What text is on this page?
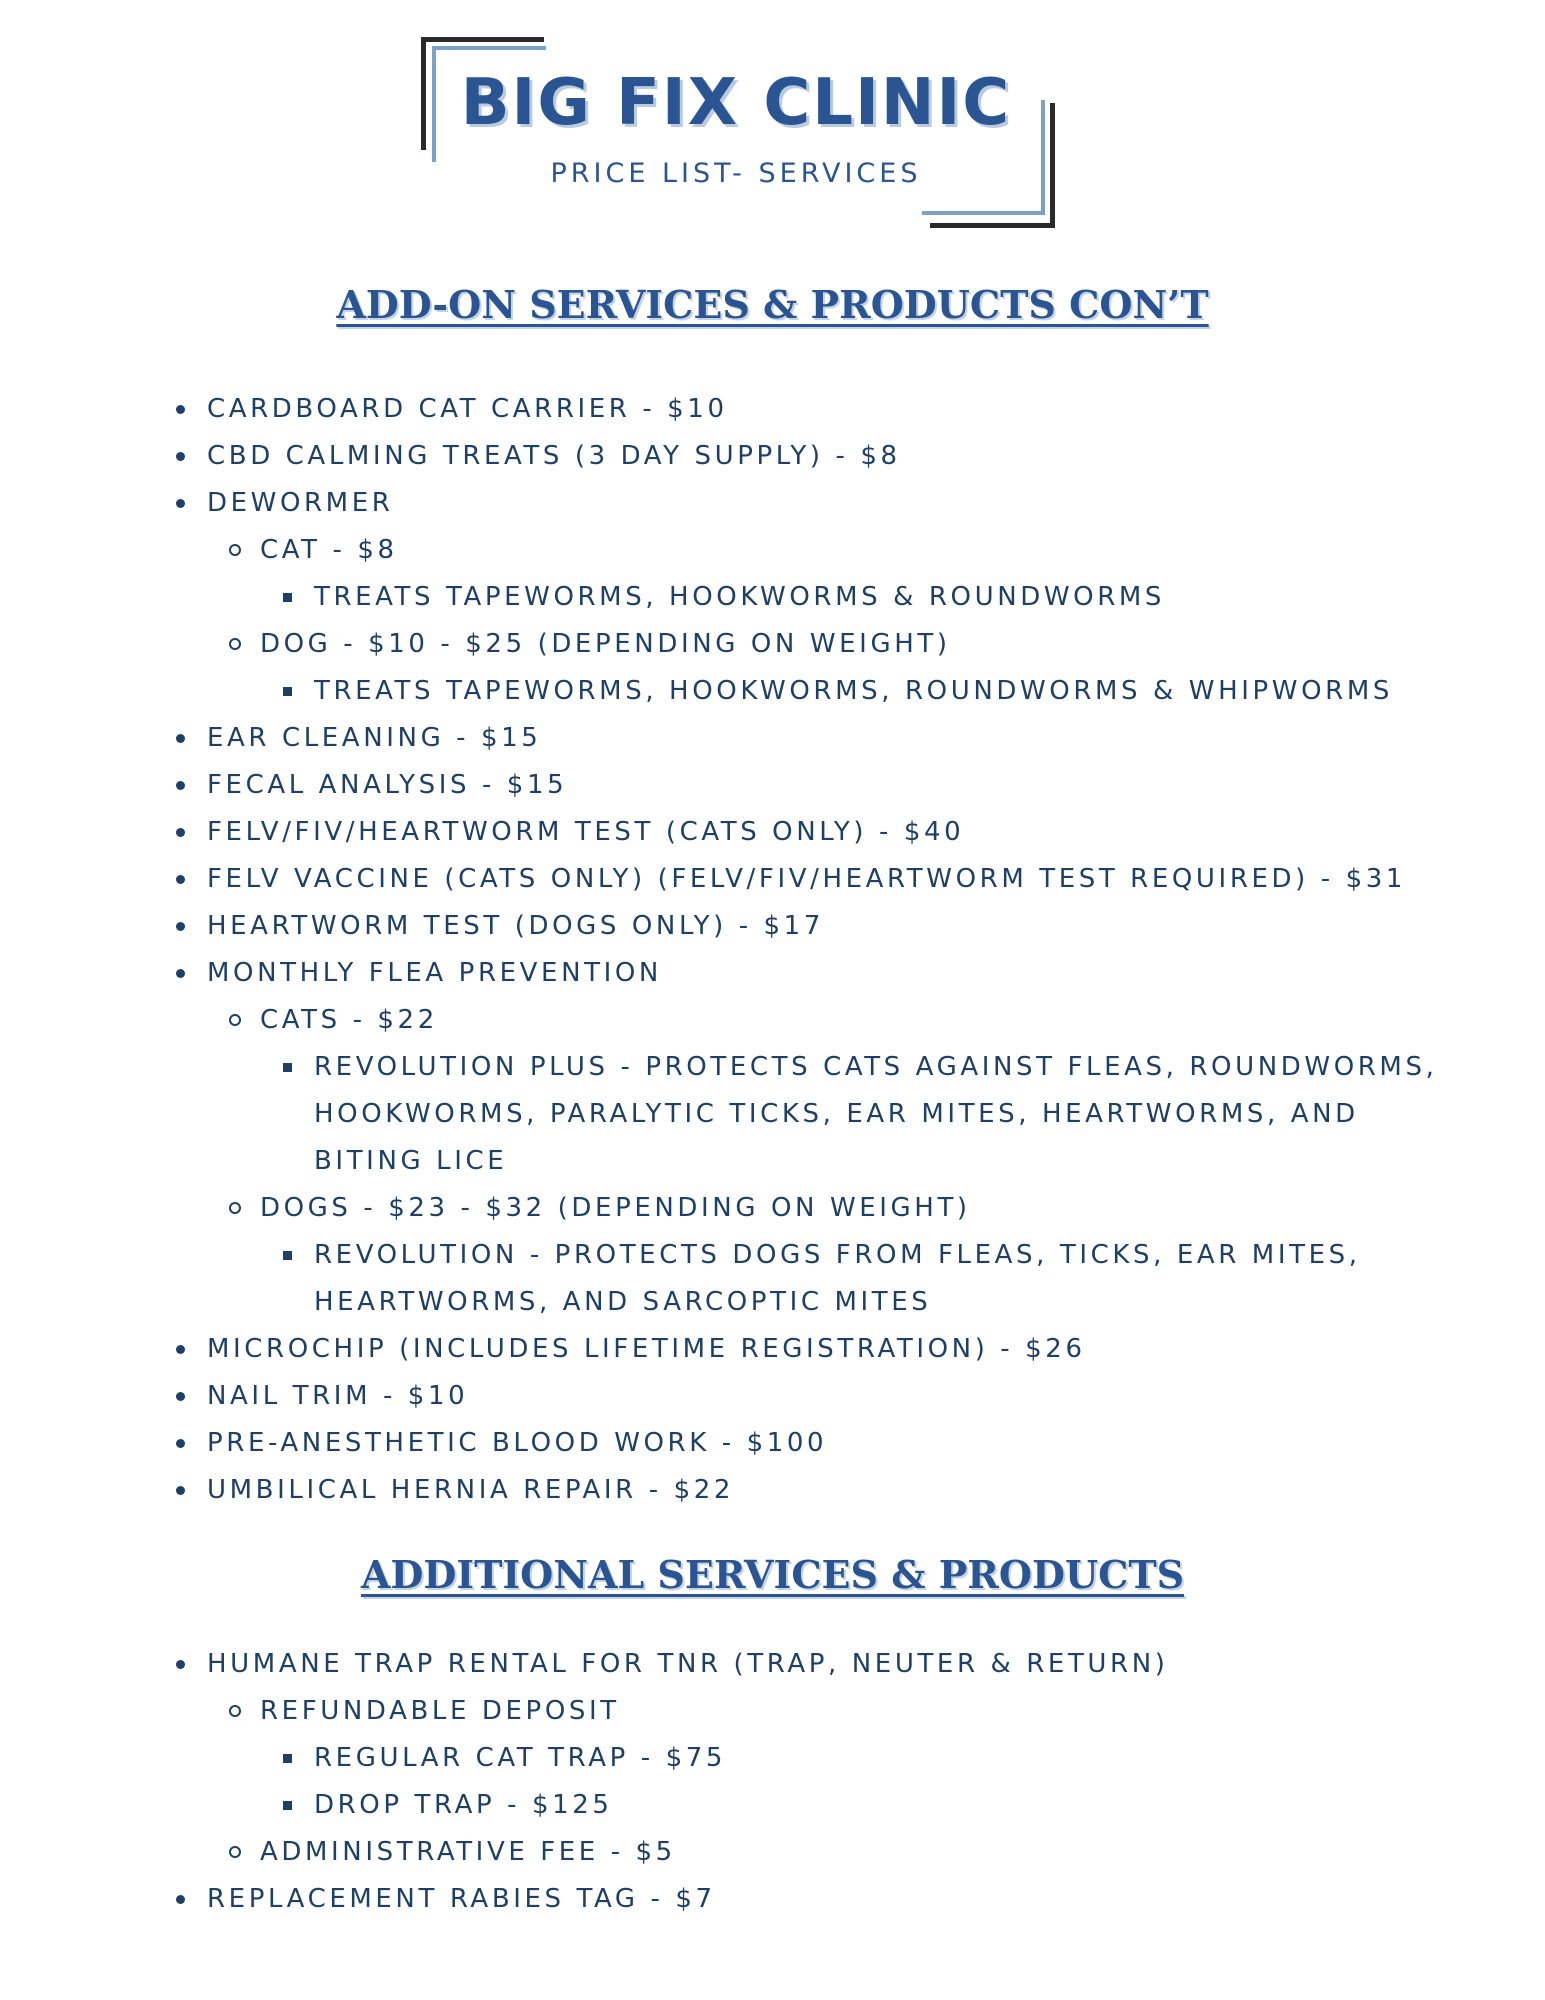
BIG FIX CLINIC
PRICE LIST- SERVICES
ADD-ON SERVICES & PRODUCTS CON’T
CARDBOARD CAT CARRIER - $10
CBD CALMING TREATS (3 DAY SUPPLY) - $8
DEWORMER
CAT - $8
TREATS TAPEWORMS, HOOKWORMS & ROUNDWORMS
DOG - $10 - $25 (DEPENDING ON WEIGHT)
TREATS TAPEWORMS, HOOKWORMS, ROUNDWORMS & WHIPWORMS
EAR CLEANING - $15
FECAL ANALYSIS - $15
FELV/FIV/HEARTWORM TEST (CATS ONLY) - $40
FELV VACCINE (CATS ONLY) (FELV/FIV/HEARTWORM TEST REQUIRED) - $31
HEARTWORM TEST (DOGS ONLY) - $17
MONTHLY FLEA PREVENTION
CATS - $22
REVOLUTION PLUS - PROTECTS CATS AGAINST FLEAS, ROUNDWORMS,
HOOKWORMS, PARALYTIC TICKS, EAR MITES, HEARTWORMS, AND
BITING LICE
DOGS - $23 - $32 (DEPENDING ON WEIGHT)
REVOLUTION - PROTECTS DOGS FROM FLEAS, TICKS, EAR MITES,
HEARTWORMS, AND SARCOPTIC MITES
MICROCHIP (INCLUDES LIFETIME REGISTRATION) - $26
NAIL TRIM - $10
PRE-ANESTHETIC BLOOD WORK - $100
UMBILICAL HERNIA REPAIR - $22
ADDITIONAL SERVICES & PRODUCTS
HUMANE TRAP RENTAL FOR TNR (TRAP, NEUTER & RETURN)
REFUNDABLE DEPOSIT
REGULAR CAT TRAP - $75
DROP TRAP - $125
ADMINISTRATIVE FEE - $5
REPLACEMENT RABIES TAG - $7
